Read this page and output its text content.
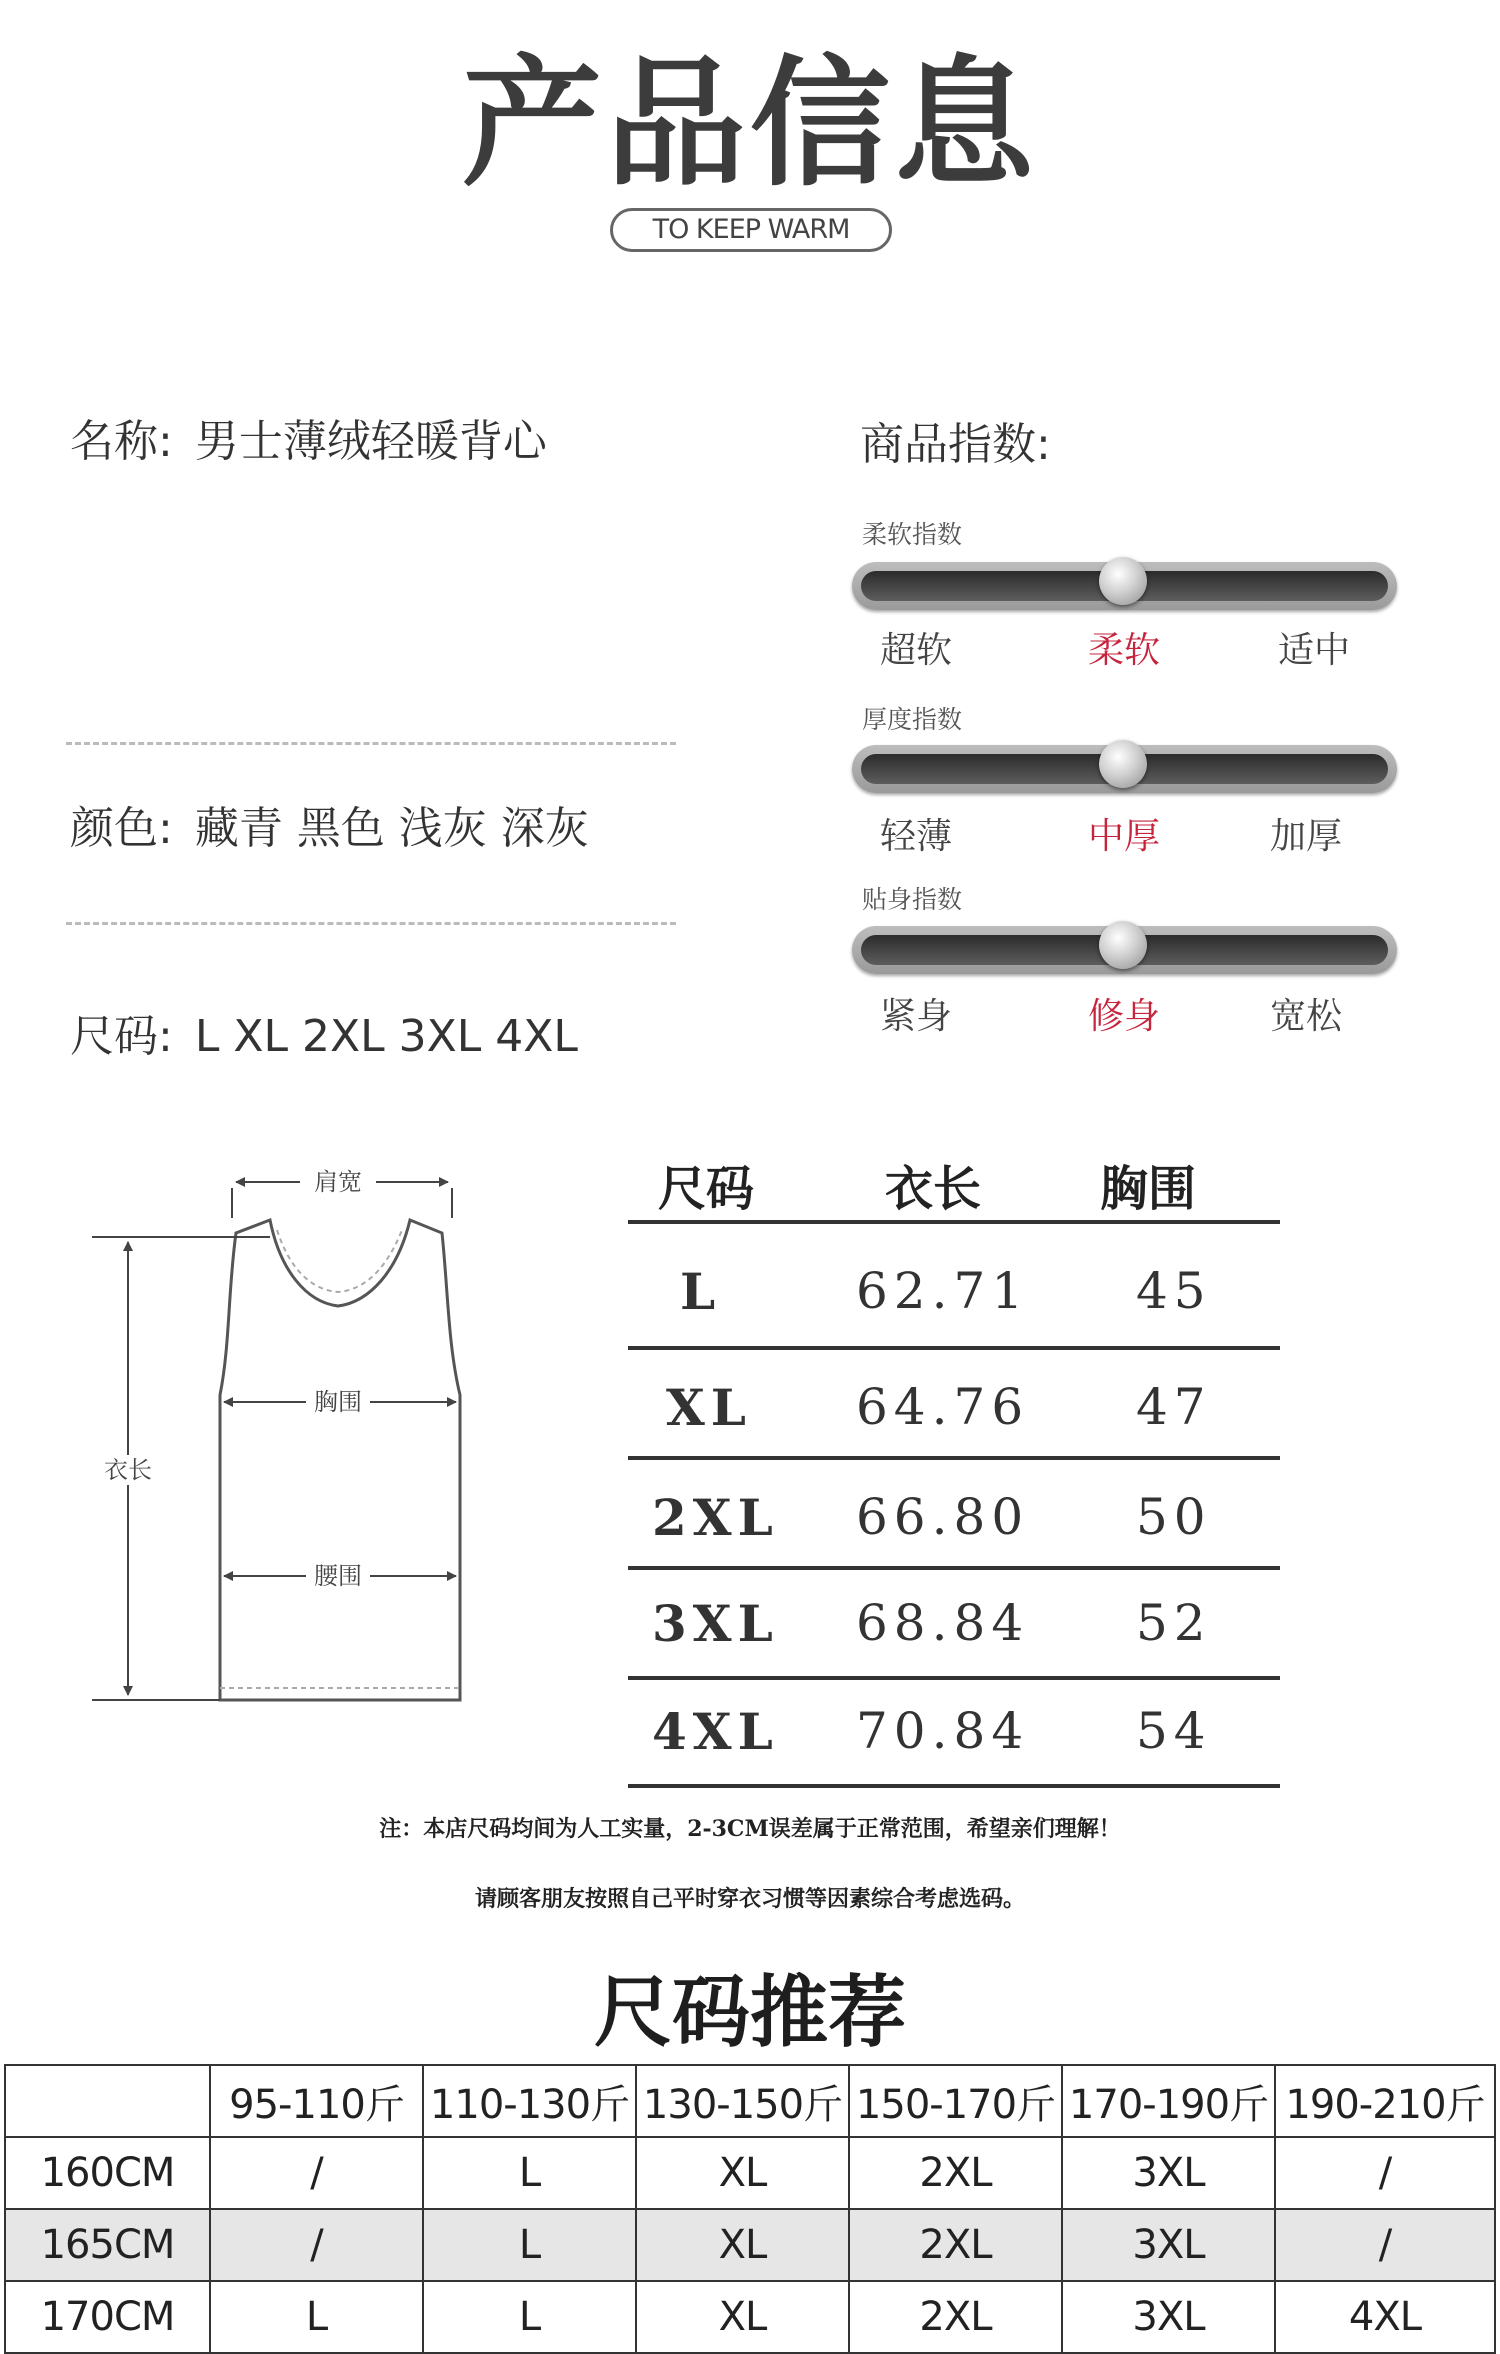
产品信息
TO KEEP WARM
名称: 男士薄绒轻暖背心
颜色: 藏青 黑色 浅灰 深灰
尺码: L XL 2XL 3XL 4XL
商品指数:
柔软指数
超软	柔软	适中
厚度指数
轻薄	中厚	加厚
贴身指数
紧身	修身	宽松
肩宽
胸围
腰围
衣长
尺码	衣长 胸围
L	62.71 45
XL 64.76 47
2XL 66.80 50
3XL 68.84 52
4XL 70.84 54
注：本店尺码均间为人工实量，2-3CM误差属于正常范围，希望亲们理解！
请顾客朋友按照自己平时穿衣习惯等因素综合考虑选码。
尺码推荐
	95-110斤	110-130斤	130-150斤	150-170斤	170-190斤	190-210斤
160CM	/	L	XL	2XL	3XL	/
165CM	/	L	XL	2XL	3XL	/
170CM	L	L	XL	2XL	3XL	4XL
